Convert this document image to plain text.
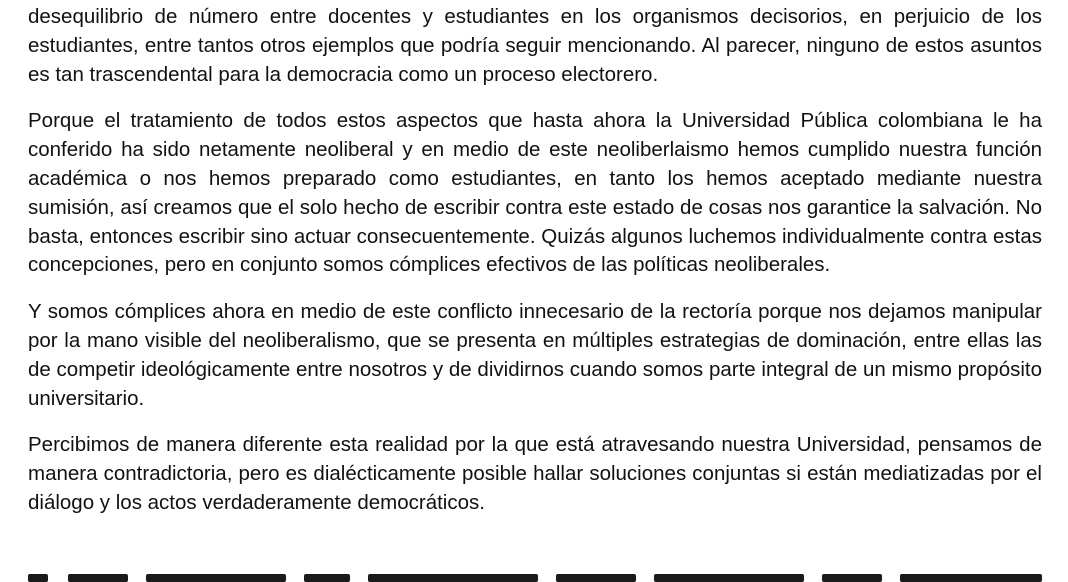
desequilibrio de número entre docentes y estudiantes en los organismos decisorios, en perjuicio de los estudiantes, entre tantos otros ejemplos que podría seguir mencionando. Al parecer, ninguno de estos asuntos es tan trascendental para la democracia como un proceso electorero.

Porque el tratamiento de todos estos aspectos que hasta ahora la Universidad Pública colombiana le ha conferido ha sido netamente neoliberal y en medio de este neoliberlaismo hemos cumplido nuestra función académica o nos hemos preparado como estudiantes, en tanto los hemos aceptado mediante nuestra sumisión, así creamos que el solo hecho de escribir contra este estado de cosas nos garantice la salvación. No basta, entonces escribir sino actuar consecuentemente. Quizás algunos luchemos individualmente contra estas concepciones, pero en conjunto somos cómplices efectivos de las políticas neoliberales.

Y somos cómplices ahora en medio de este conflicto innecesario de la rectoría porque nos dejamos manipular por la mano visible del neoliberalismo, que se presenta en múltiples estrategias de dominación, entre ellas las de competir ideológicamente entre nosotros y de dividirnos cuando somos parte integral de un mismo propósito universitario.

Percibimos de manera diferente esta realidad por la que está atravesando nuestra Universidad, pensamos de manera contradictoria, pero es dialécticamente posible hallar soluciones conjuntas si están mediatizadas por el diálogo y los actos verdaderamente democráticos.
